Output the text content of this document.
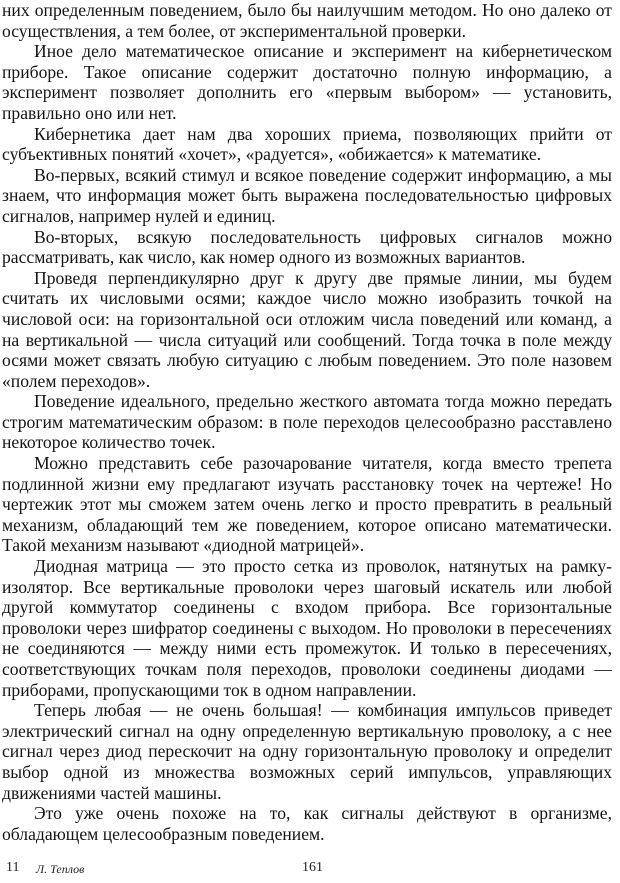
них определенным поведением, было бы наилучшим методом. Но оно далеко от осуществления, а тем более, от экспериментальной проверки.

Иное дело математическое описание и эксперимент на кибернетическом приборе. Такое описание содержит достаточно полную информацию, а эксперимент позволяет дополнить его «первым выбором» — установить, правильно оно или нет.

Кибернетика дает нам два хороших приема, позволяющих прийти от субъективных понятий «хочет», «радуется», «обижается» к математике.

Во-первых, всякий стимул и всякое поведение содержит информацию, а мы знаем, что информация может быть выражена последовательностью цифровых сигналов, например нулей и единиц.

Во-вторых, всякую последовательность цифровых сигналов можно рассматривать, как число, как номер одного из возможных вариантов.

Проведя перпендикулярно друг к другу две прямые линии, мы будем считать их числовыми осями; каждое число можно изобразить точкой на числовой оси: на горизонтальной оси отложим числа поведений или команд, а на вертикальной — числа ситуаций или сообщений. Тогда точка в поле между осями может связать любую ситуацию с любым поведением. Это поле назовем «полем переходов».

Поведение идеального, предельно жесткого автомата тогда можно передать строгим математическим образом: в поле переходов целесообразно расставлено некоторое количество точек.

Можно представить себе разочарование читателя, когда вместо трепета подлинной жизни ему предлагают изучать расстановку точек на чертеже! Но чертежик этот мы сможем затем очень легко и просто превратить в реальный механизм, обладающий тем же поведением, которое описано математически. Такой механизм называют «диодной матрицей».

Диодная матрица — это просто сетка из проволок, натянутых на рамку-изолятор. Все вертикальные проволоки через шаговый искатель или любой другой коммутатор соединены с входом прибора. Все горизонтальные проволоки через шифратор соединены с выходом. Но проволоки в пересечениях не соединяются — между ними есть промежуток. И только в пересечениях, соответствующих точкам поля переходов, проволоки соединены диодами — приборами, пропускающими ток в одном направлении.

Теперь любая — не очень большая! — комбинация импульсов приведет электрический сигнал на одну определенную вертикальную проволоку, а с нее сигнал через диод перескочит на одну горизонтальную проволоку и определит выбор одной из множества возможных серий импульсов, управляющих движениями частей машины.

Это уже очень похоже на то, как сигналы действуют в организме, обладающем целесообразным поведением.

11 Л. Теплов	161
